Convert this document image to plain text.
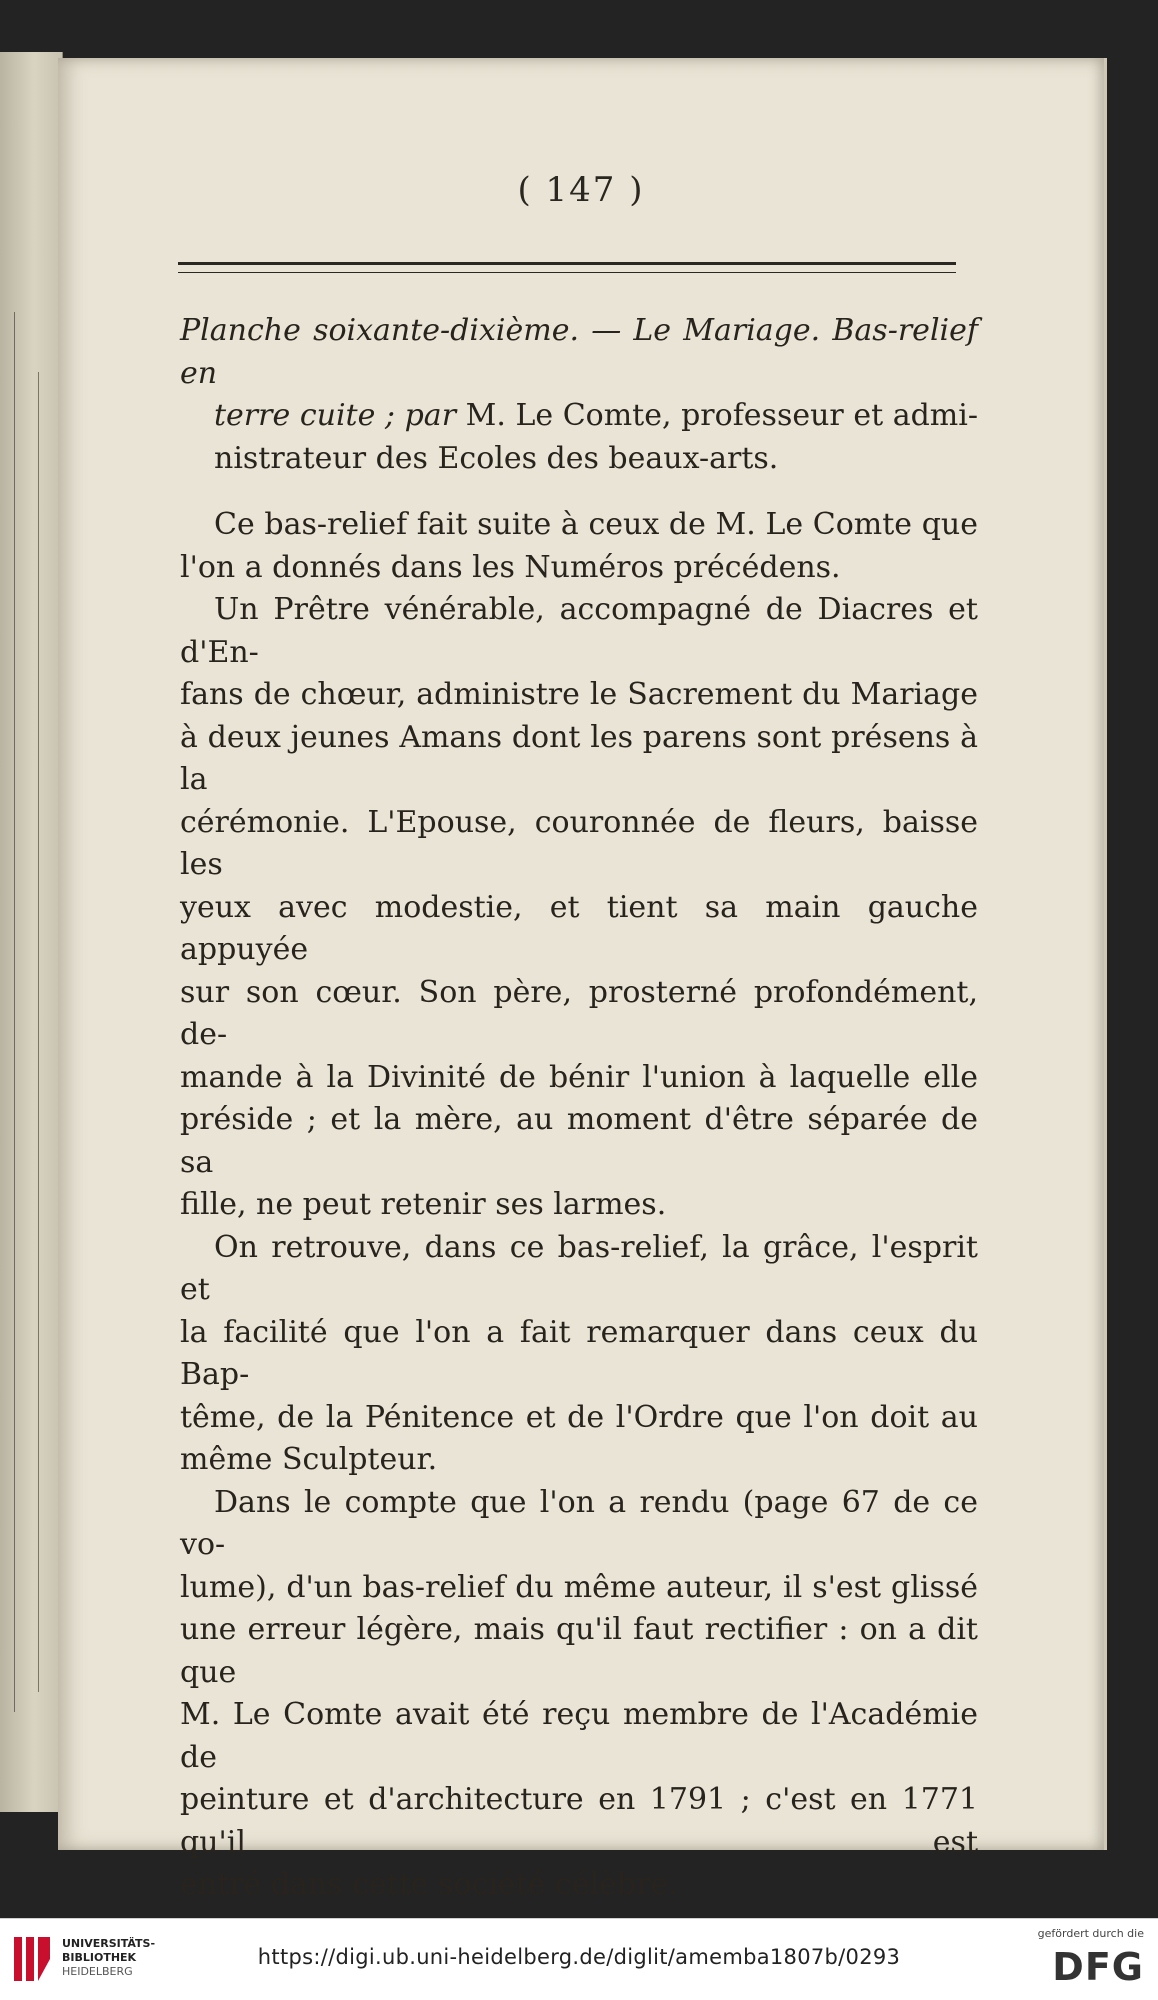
( 147 )
Planche soixante-dixième. — Le Mariage. Bas-relief en
terre cuite ; par M. Le Comte, professeur et admi-
nistrateur des Ecoles des beaux-arts.
Ce bas-relief fait suite à ceux de M. Le Comte que
l'on a donnés dans les Numéros précédens.
Un Prêtre vénérable, accompagné de Diacres et d'En-
fans de chœur, administre le Sacrement du Mariage
à deux jeunes Amans dont les parens sont présens à la
cérémonie. L'Epouse, couronnée de fleurs, baisse les
yeux avec modestie, et tient sa main gauche appuyée
sur son cœur. Son père, prosterné profondément, de-
mande à la Divinité de bénir l'union à laquelle elle
préside ; et la mère, au moment d'être séparée de sa
fille, ne peut retenir ses larmes.
On retrouve, dans ce bas-relief, la grâce, l'esprit et
la facilité que l'on a fait remarquer dans ceux du Bap-
tême, de la Pénitence et de l'Ordre que l'on doit au
même Sculpteur.
Dans le compte que l'on a rendu (page 67 de ce vo-
lume), d'un bas-relief du même auteur, il s'est glissé
une erreur légère, mais qu'il faut rectifier : on a dit que
M. Le Comte avait été reçu membre de l'Académie de
peinture et d'architecture en 1791 ; c'est en 1771 qu'il est
entré dans cette société célèbre.
UNIVERSITÄTS-
BIBLIOTHEK
HEIDELBERG
https://digi.ub.uni-heidelberg.de/diglit/amemba1807b/0293
gefördert durch die
DFG
